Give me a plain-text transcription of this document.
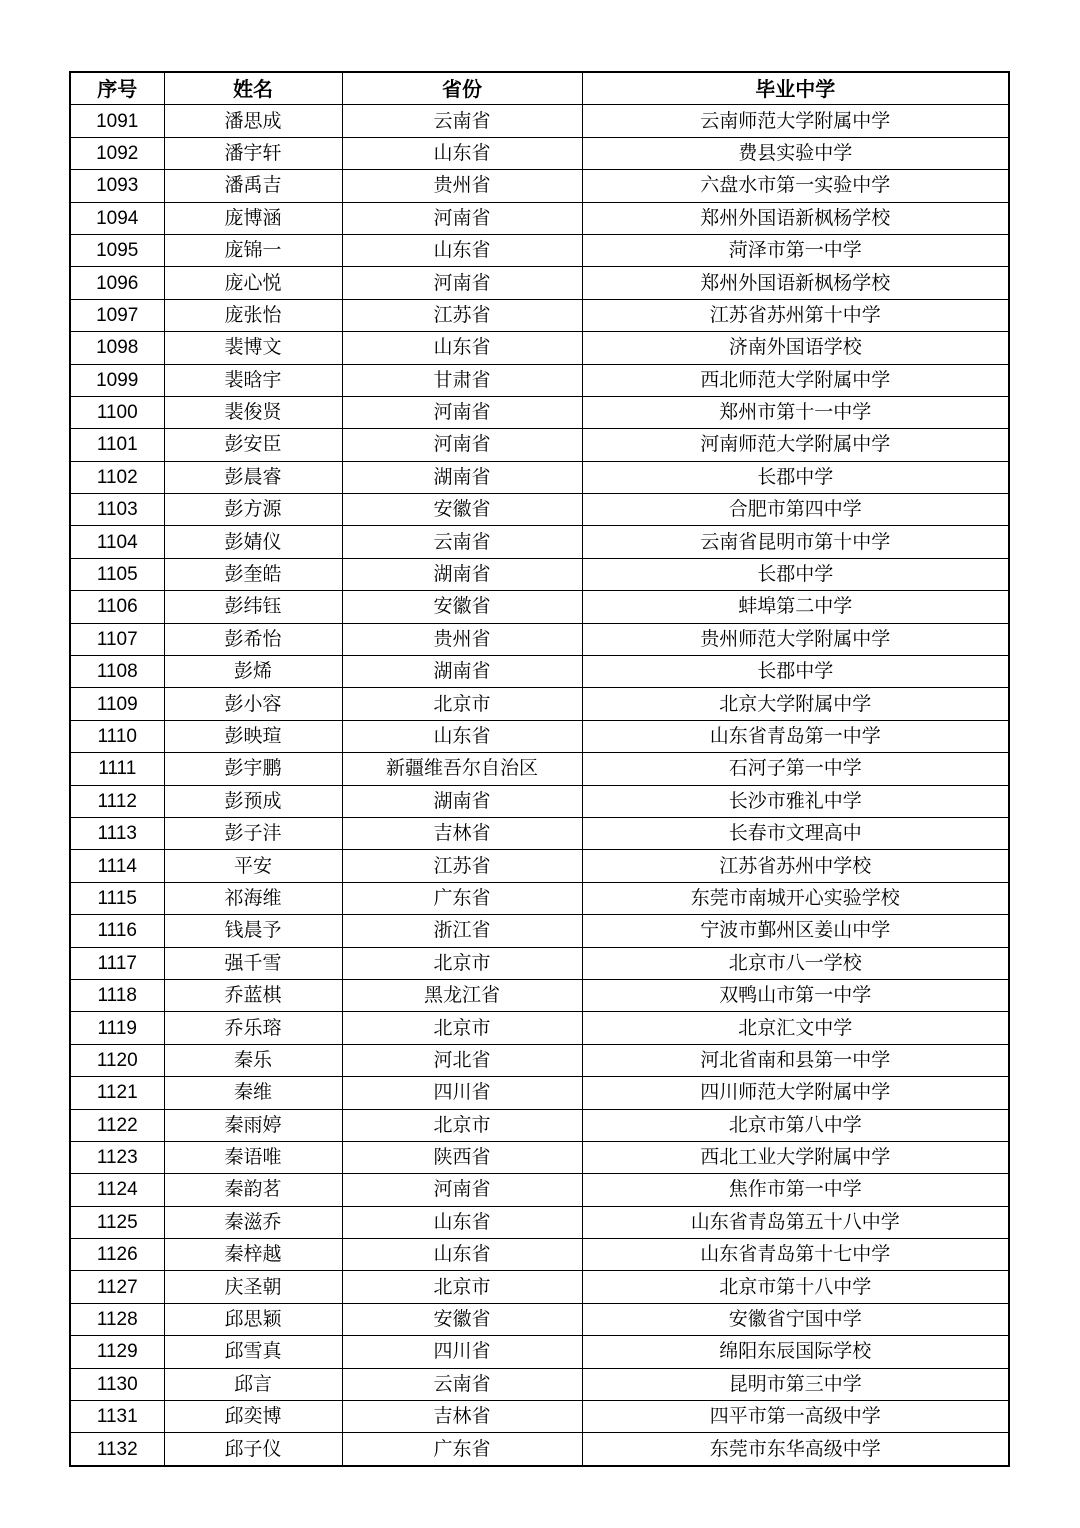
序号	姓名	省份	毕业中学
1091	潘思成	云南省	云南师范大学附属中学
1092	潘宇轩	山东省	费县实验中学
1093	潘禹吉	贵州省	六盘水市第一实验中学
1094	庞博涵	河南省	郑州外国语新枫杨学校
1095	庞锦一	山东省	菏泽市第一中学
1096	庞心悦	河南省	郑州外国语新枫杨学校
1097	庞张怡	江苏省	江苏省苏州第十中学
1098	裴博文	山东省	济南外国语学校
1099	裴晗宇	甘肃省	西北师范大学附属中学
1100	裴俊贤	河南省	郑州市第十一中学
1101	彭安臣	河南省	河南师范大学附属中学
1102	彭晨睿	湖南省	长郡中学
1103	彭方源	安徽省	合肥市第四中学
1104	彭婧仪	云南省	云南省昆明市第十中学
1105	彭奎皓	湖南省	长郡中学
1106	彭纬钰	安徽省	蚌埠第二中学
1107	彭希怡	贵州省	贵州师范大学附属中学
1108	彭烯	湖南省	长郡中学
1109	彭小容	北京市	北京大学附属中学
1110	彭映瑄	山东省	山东省青岛第一中学
1111	彭宇鹏	新疆维吾尔自治区	石河子第一中学
1112	彭预成	湖南省	长沙市雅礼中学
1113	彭子沣	吉林省	长春市文理高中
1114	平安	江苏省	江苏省苏州中学校
1115	祁海维	广东省	东莞市南城开心实验学校
1116	钱晨予	浙江省	宁波市鄞州区姜山中学
1117	强千雪	北京市	北京市八一学校
1118	乔蓝棋	黑龙江省	双鸭山市第一中学
1119	乔乐瑢	北京市	北京汇文中学
1120	秦乐	河北省	河北省南和县第一中学
1121	秦维	四川省	四川师范大学附属中学
1122	秦雨婷	北京市	北京市第八中学
1123	秦语唯	陕西省	西北工业大学附属中学
1124	秦韵茗	河南省	焦作市第一中学
1125	秦滋乔	山东省	山东省青岛第五十八中学
1126	秦梓越	山东省	山东省青岛第十七中学
1127	庆圣朝	北京市	北京市第十八中学
1128	邱思颖	安徽省	安徽省宁国中学
1129	邱雪真	四川省	绵阳东辰国际学校
1130	邱言	云南省	昆明市第三中学
1131	邱奕博	吉林省	四平市第一高级中学
1132	邱子仪	广东省	东莞市东华高级中学
